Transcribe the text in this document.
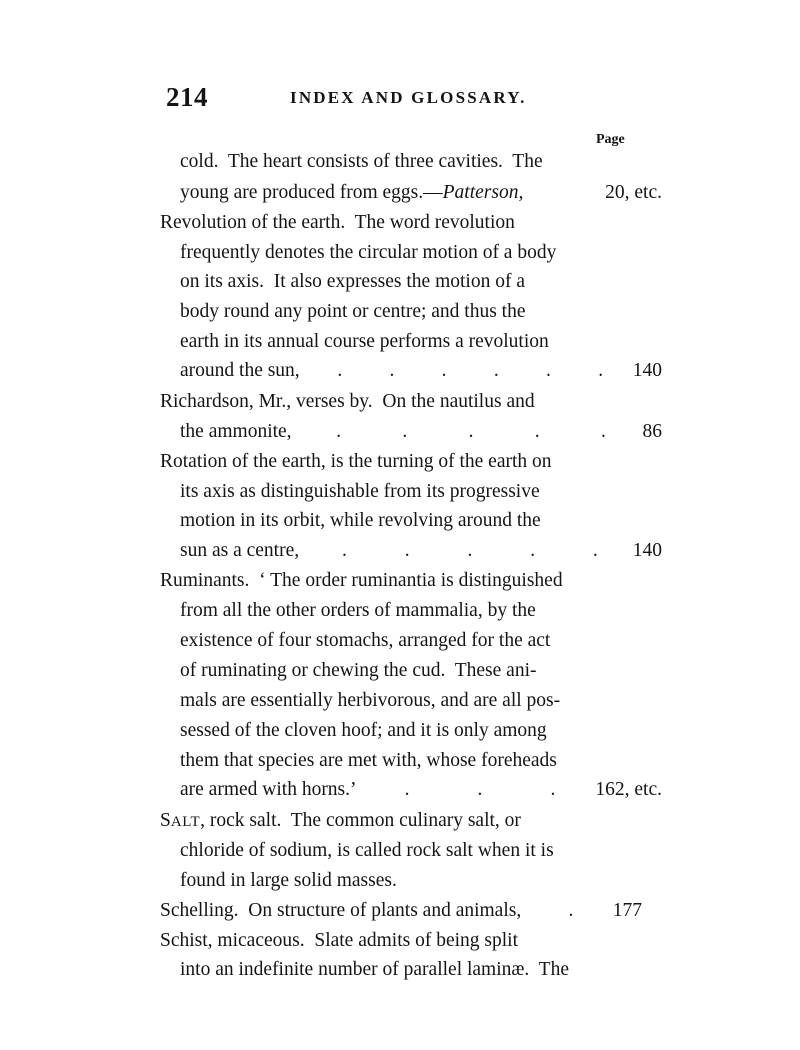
214	INDEX AND GLOSSARY.
Page
cold.  The heart consists of three cavities.  The
young are produced from eggs.—Patterson,	20, etc.
Revolution of the earth.  The word revolution
frequently denotes the circular motion of a body
on its axis.  It also expresses the motion of a
body round any point or centre; and thus the
earth in its annual course performs a revolution
around the sun, . . . . . . 140
Richardson, Mr., verses by.  On the nautilus and
the ammonite, .	.	.	.	. 86
Rotation of the earth, is the turning of the earth on
its axis as distinguishable from its progressive
motion in its orbit, while revolving around the
sun as a centre, .	.	.	.	. 140
Ruminants.  ‘ The order ruminantia is distinguished
from all the other orders of mammalia, by the
existence of four stomachs, arranged for the act
of ruminating or chewing the cud.  These ani-
mals are essentially herbivorous, and are all pos-
sessed of the cloven hoof; and it is only among
them that species are met with, whose foreheads
are armed with horns.’ .	.	. 162, etc.
SALT, rock salt.  The common culinary salt, or
chloride of sodium, is called rock salt when it is
found in large solid masses.
Schelling.  On structure of plants and animals, . 177
Schist, micaceous.  Slate admits of being split
into an indefinite number of parallel laminæ.  The
